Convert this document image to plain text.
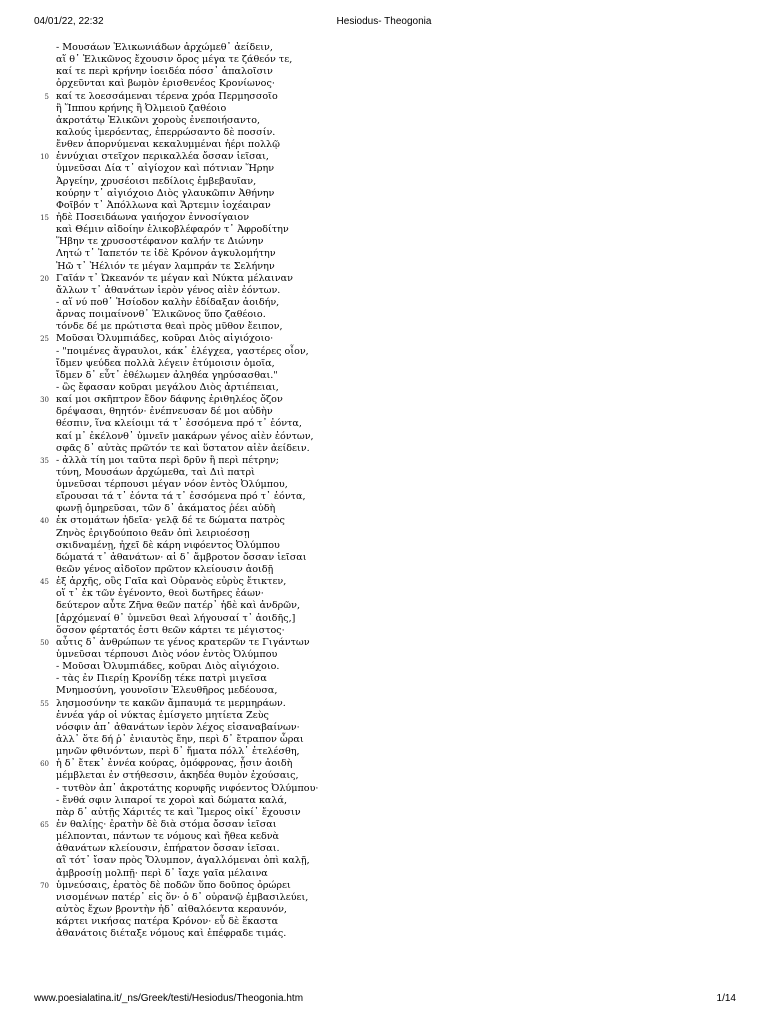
04/01/22, 22:32	Hesiodus- Theogonia
- Μουσάων Ἑλικωνιάδων ἀρχώμεθ᾽ ἀείδειν,
αἵ θ᾽ Ἑλικῶνος ἔχουσιν ὄρος μέγα τε ζάθεόν τε,
καί τε περὶ κρήνην ἰοειδέα πόσσ᾽ ἁπαλοῖσιν
ὀρχεῦνται καὶ βωμὸν ἐρισθενέος Κρονίωνος·
5 καί τε λοεσσάμεναι τέρενα χρόα Περμησσοῖο
ἢ Ἵππου κρήνης ἢ Ὀλμειοῦ ζαθέοιο
ἀκροτάτῳ Ἑλικῶνι χοροὺς ἐνεποιήσαντο,
καλούς ἱμερόεντας, ἐπερρώσαντο δὲ ποσσίν.
ἔνθεν ἀπορνύμεναι κεκαλυμμέναι ἠέρι πολλῷ
10 ἐννύχιαι στεῖχον περικαλλέα ὄσσαν ἱεῖσαι,
ὑμνεῦσαι Δία τ᾽ αἰγίοχον καὶ πότνιαν Ἥρην
Ἀργείην, χρυσέοισι πεδίλοις ἐμβεβαυῖαν,
κούρην τ᾽ αἰγιόχοιο Διὸς γλαυκῶπιν Ἀθήνην
Φοῖβόν τ᾽ Ἀπόλλωνα καὶ Ἄρτεμιν ἰοχέαιραν
15 ἠδὲ Ποσειδάωνα γαιήοχον ἐννοσίγαιον
καὶ Θέμιν αἰδοίην ἑλικοβλέφαρόν τ᾽ Ἀφροδίτην
Ἥβην τε χρυσοστέφανον καλήν τε Διώνην
Λητώ τ᾽ Ἰαπετόν τε ἰδὲ Κρόνον ἀγκυλομήτην
Ἠῶ τ᾽ Ἠέλιόν τε μέγαν λαμπράν τε Σελήνην
20 Γαῖάν τ᾽ Ὠκεανόν τε μέγαν καὶ Νύκτα μέλαιναν
ἄλλων τ᾽ ἀθανάτων ἱερὸν γένος αἰὲν ἐόντων.
- αἵ νύ ποθ᾽ Ἡσίοδον καλὴν ἐδίδαξαν ἀοιδήν,
ἄρνας ποιμαίνονθ᾽ Ἑλικῶνος ὕπο ζαθέοιο.
τόνδε δέ με πρώτιστα θεαὶ πρὸς μῦθον ἔειπον,
25 Μοῦσαι Ὀλυμπιάδες, κοῦραι Διὸς αἰγιόχοιο·
- "ποιμένες ἄγραυλοι, κάκ᾽ ἐλέγχεα, γαστέρες οἶον,
ἴδμεν ψεύδεα πολλὰ λέγειν ἐτύμοισιν ὁμοῖα,
ἴδμεν δ᾽ εὖτ᾽ ἐθέλωμεν ἀληθέα γηρύσασθαι."
- ὣς ἔφασαν κοῦραι μεγάλου Διὸς ἀρτιέπειαι,
30 καί μοι σκῆπτρον ἔδον δάφνης ἐριθηλέος ὄζον
δρέψασαι, θηητόν· ἐνέπνευσαν δέ μοι αὐδὴν
θέσπιν, ἵνα κλείοιμι τά τ᾽ ἐσσόμενα πρό τ᾽ ἐόντα,
καί μ᾽ ἐκέλονθ᾽ ὑμνεῖν μακάρων γένος αἰὲν ἐόντων,
σφᾶς δ᾽ αὐτὰς πρῶτόν τε καὶ ὕστατον αἰὲν ἀείδειν.
35 - ἀλλὰ τίη μοι ταῦτα περὶ δρῦν ἢ περὶ πέτρην;
τύνη, Μουσάων ἀρχώμεθα, ταὶ Διὶ πατρὶ
ὑμνεῦσαι τέρπουσι μέγαν νόον ἐντὸς Ὀλύμπου,
εἴρουσαι τά τ᾽ ἐόντα τά τ᾽ ἐσσόμενα πρό τ᾽ ἐόντα,
φωνῇ ὁμηρεῦσαι, τῶν δ᾽ ἀκάματος ῥέει αὐδὴ
40 ἐκ στομάτων ἡδεῖα· γελᾷ δέ τε δώματα πατρὸς
Ζηνὸς ἐριγδούποιο θεᾶν ὀπὶ λειριοέσσῃ
σκιδναμένῃ, ἠχεῖ δὲ κάρη νιφόεντος Ὀλύμπου
δώματά τ᾽ ἀθανάτων· αἱ δ᾽ ἄμβροτον ὄσσαν ἱεῖσαι
θεῶν γένος αἰδοῖον πρῶτον κλείουσιν ἀοιδῇ
45 ἐξ ἀρχῆς, οὓς Γαῖα καὶ Οὐρανὸς εὐρὺς ἔτικτεν,
οἵ τ᾽ ἐκ τῶν ἐγένοντο, θεοὶ δωτῆρες ἐάων·
δεύτερον αὖτε Ζῆνα θεῶν πατέρ᾽ ἠδὲ καὶ ἀνδρῶν,
[ἀρχόμεναί θ᾽ ὑμνεῦσι θεαὶ λήγουσαί τ᾽ ἀοιδῆς,]
ὅσσον φέρτατός ἐστι θεῶν κάρτει τε μέγιστος·
50 αὖτις δ᾽ ἀνθρώπων τε γένος κρατερῶν τε Γιγάντων
ὑμνεῦσαι τέρπουσι Διὸς νόον ἐντὸς Ὀλύμπου
- Μοῦσαι Ὀλυμπιάδες, κοῦραι Διὸς αἰγιόχοιο.
- τὰς ἐν Πιερίῃ Κρονίδῃ τέκε πατρὶ μιγεῖσα
Μνημοσύνη, γουνοῖσιν Ἐλευθῆρος μεδέουσα,
55 λησμοσύνην τε κακῶν ἄμπαυμά τε μερμηράων.
ἐννέα γάρ οἱ νύκτας ἐμίσγετο μητίετα Ζεὺς
νόσφιν ἀπ᾽ ἀθανάτων ἱερὸν λέχος εἰσαναβαίνων·
ἀλλ᾽ ὅτε δή ῥ᾽ ἐνιαυτὸς ἔην, περὶ δ᾽ ἔτραπον ὧραι
μηνῶν φθινόντων, περὶ δ᾽ ἤματα πόλλ᾽ ἐτελέσθη,
60 ἡ δ᾽ ἔτεκ᾽ ἐννέα κούρας, ὁμόφρονας, ᾗσιν ἀοιδὴ
μέμβλεται ἐν στήθεσσιν, ἀκηδέα θυμὸν ἐχούσαις,
- τυτθὸν ἀπ᾽ ἀκροτάτης κορυφῆς νιφόεντος Ὀλύμπου·
- ἔνθά σφιν λιπαροί τε χοροὶ καὶ δώματα καλά,
πὰρ δ᾽ αὐτῇς Χάριτές τε καὶ Ἵμερος οἰκί᾽ ἔχουσιν
65 ἐν θαλίῃς· ἐρατὴν δὲ διὰ στόμα ὄσσαν ἱεῖσαι
μέλπονται, πάντων τε νόμους καὶ ἤθεα κεδνὰ
ἀθανάτων κλείουσιν, ἐπήρατον ὄσσαν ἱεῖσαι.
αἳ τότ᾽ ἴσαν πρὸς Ὄλυμπον, ἀγαλλόμεναι ὀπὶ καλῇ,
ἀμβροσίῃ μολπῇ· περὶ δ᾽ ἴαχε γαῖα μέλαινα
70 ὑμνεύσαις, ἐρατὸς δὲ ποδῶν ὕπο δοῦπος ὀρώρει
νισομένων πατέρ᾽ εἰς ὅν· ὁ δ᾽ οὐρανῷ ἐμβασιλεύει,
αὐτὸς ἔχων βροντὴν ἠδ᾽ αἰθαλόεντα κεραυνόν,
κάρτει νικήσας πατέρα Κρόνον· εὖ δὲ ἕκαστα
ἀθανάτοις διέταξε νόμους καὶ ἐπέφραδε τιμάς.
www.poesialatina.it/_ns/Greek/testi/Hesiodus/Theogonia.htm	1/14
